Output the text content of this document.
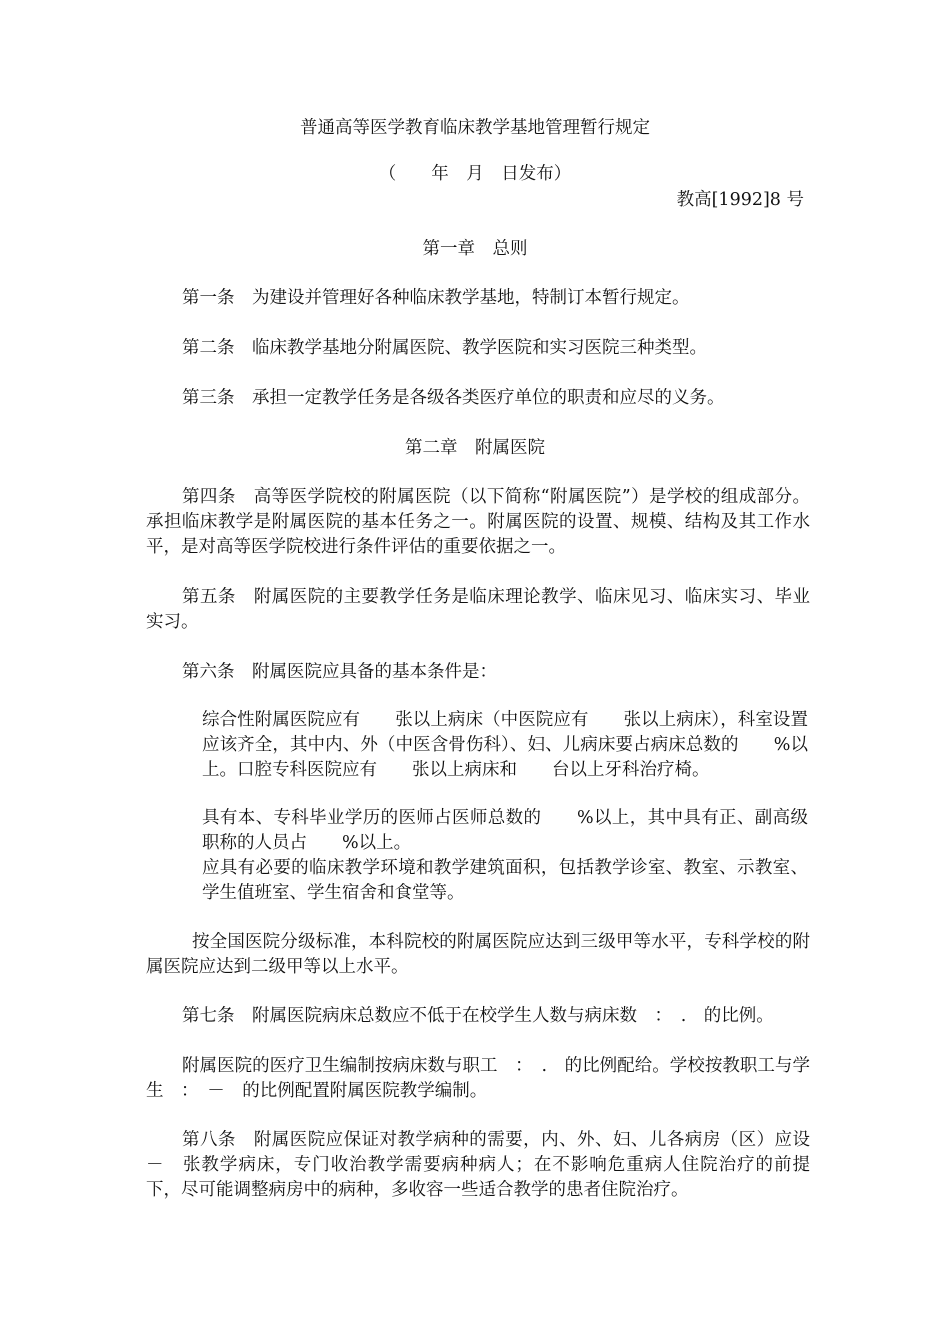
普通高等医学教育临床教学基地管理暂行规定
（　　年　月　日发布）
教高[1992]8 号
第一章　总则
第一条　为建设并管理好各种临床教学基地，特制订本暂行规定。
第二条　临床教学基地分附属医院、教学医院和实习医院三种类型。
第三条　承担一定教学任务是各级各类医疗单位的职责和应尽的义务。
第二章　附属医院
第四条　高等医学院校的附属医院（以下简称“附属医院”）是学校的组成部分。承担临床教学是附属医院的基本任务之一。附属医院的设置、规模、结构及其工作水平，是对高等医学院校进行条件评估的重要依据之一。
第五条　附属医院的主要教学任务是临床理论教学、临床见习、临床实习、毕业实习。
第六条　附属医院应具备的基本条件是：
综合性附属医院应有　　张以上病床（中医院应有　　张以上病床），科室设置应该齐全，其中内、外（中医含骨伤科）、妇、儿病床要占病床总数的　　%以上。口腔专科医院应有　　张以上病床和　　台以上牙科治疗椅。
具有本、专科毕业学历的医师占医师总数的　　%以上，其中具有正、副高级职称的人员占　　%以上。
应具有必要的临床教学环境和教学建筑面积，包括教学诊室、教室、示教室、学生值班室、学生宿舍和食堂等。
按全国医院分级标准，本科院校的附属医院应达到三级甲等水平，专科学校的附属医院应达到二级甲等以上水平。
第七条　附属医院病床总数应不低于在校学生人数与病床数　：　.　的比例。
附属医院的医疗卫生编制按病床数与职工　：　.　的比例配给。学校按教职工与学生　：　－　的比例配置附属医院教学编制。
第八条　附属医院应保证对教学病种的需要，内、外、妇、儿各病房（区）应设　－　张教学病床，专门收治教学需要病种病人；在不影响危重病人住院治疗的前提下，尽可能调整病房中的病种，多收容一些适合教学的患者住院治疗。
